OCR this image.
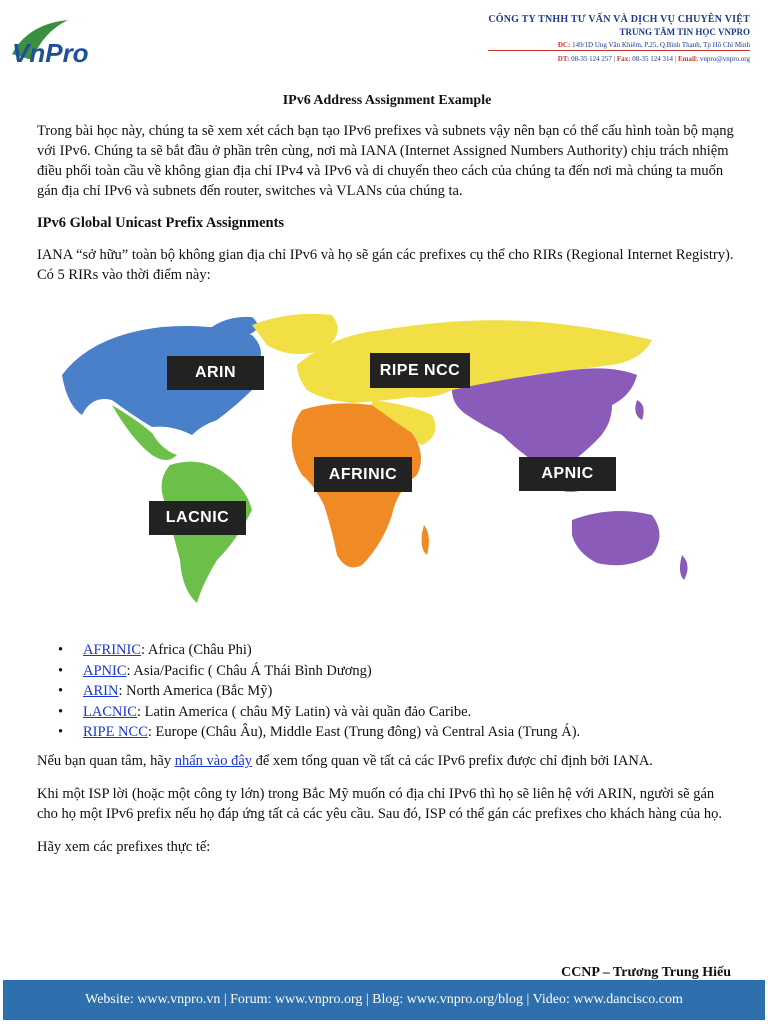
VnPro
CÔNG TY TNHH TƯ VẤN VÀ DỊCH VỤ CHUYÊN VIỆT
TRUNG TÂM TIN HỌC VNPRO
ĐC: 149/1D Ung Văn Khiêm, P.25, Q.Bình Thạnh, Tp Hồ Chí Minh
DT: 08-35 124 257 | Fax: 08-35 124 314 | Email: vnpro@vnpro.org
IPv6 Address Assignment Example

Trong bài học này, chúng ta sẽ xem xét cách bạn tạo IPv6 prefixes và subnets vậy nên bạn có thể cấu hình toàn bộ mạng với IPv6. Chúng ta sẽ bắt đầu ở phần trên cùng, nơi mà IANA (Internet Assigned Numbers Authority) chịu trách nhiệm điều phối toàn cầu về không gian địa chỉ IPv4 và IPv6 và di chuyển theo cách của chúng ta đến nơi mà chúng ta muốn gán địa chỉ IPv6 và subnets đến router, switches và VLANs của chúng ta.

IPv6 Global Unicast Prefix Assignments

IANA “sở hữu” toàn bộ không gian địa chỉ IPv6 và họ sẽ gán các prefixes cụ thể cho RIRs (Regional Internet Registry). Có 5 RIRs vào thời điểm này:

ARIN	RIPE NCC
AFRINIC	APNIC
LACNIC
• AFRINIC: Africa (Châu Phi)
• APNIC: Asia/Pacific ( Châu Á Thái Bình Dương)
• ARIN: North America (Bắc Mỹ)
• LACNIC: Latin America ( châu Mỹ Latin) và vài quần đảo Caribe.
• RIPE NCC: Europe (Châu Âu), Middle East (Trung đông) và Central Asia (Trung Á).

Nếu bạn quan tâm, hãy nhấn vào đây để xem tổng quan về tất cả các IPv6 prefix được chỉ định bởi IANA.

Khi một ISP lời (hoặc một công ty lớn) trong Bắc Mỹ muốn có địa chỉ IPv6 thì họ sẽ liên hệ với ARIN, người sẽ gán cho họ một IPv6 prefix nếu họ đáp ứng tất cả các yêu cầu. Sau đó, ISP có thể gán các prefixes cho khách hàng của họ.

Hãy xem các prefixes thực tế:

CCNP – Trương Trung Hiếu
Website: www.vnpro.vn | Forum: www.vnpro.org | Blog: www.vnpro.org/blog | Video: www.dancisco.com
